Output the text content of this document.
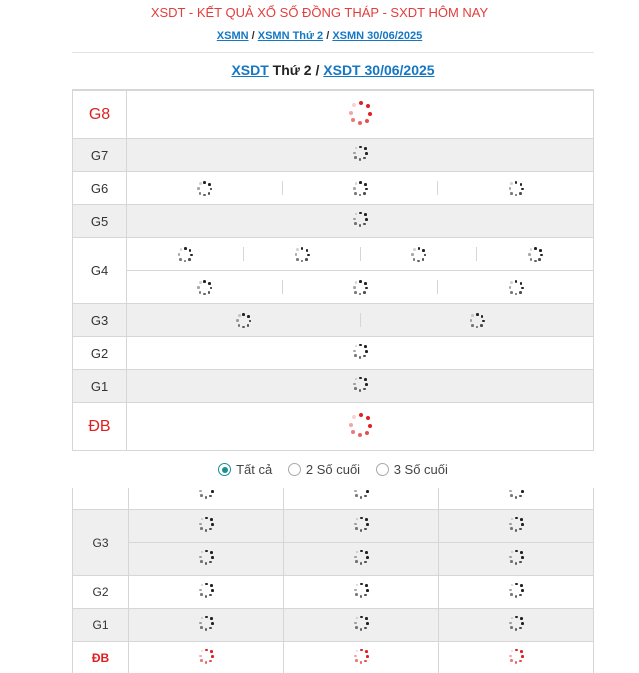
XSDT - KẾT QUẢ XỔ SỐ ĐỒNG THÁP - SXDT HÔM NAY
XSMN / XSMN Thứ 2 / XSMN 30/06/2025
XSDT Thứ 2 / XSDT 30/06/2025
G8	

G7	

G6	

G5	

G4	

G3	

G2	

G1	

ĐB	
Tất cả
	2 Số cuối
	3 Số cuối

G3	

G2	

G1	

ĐB	
